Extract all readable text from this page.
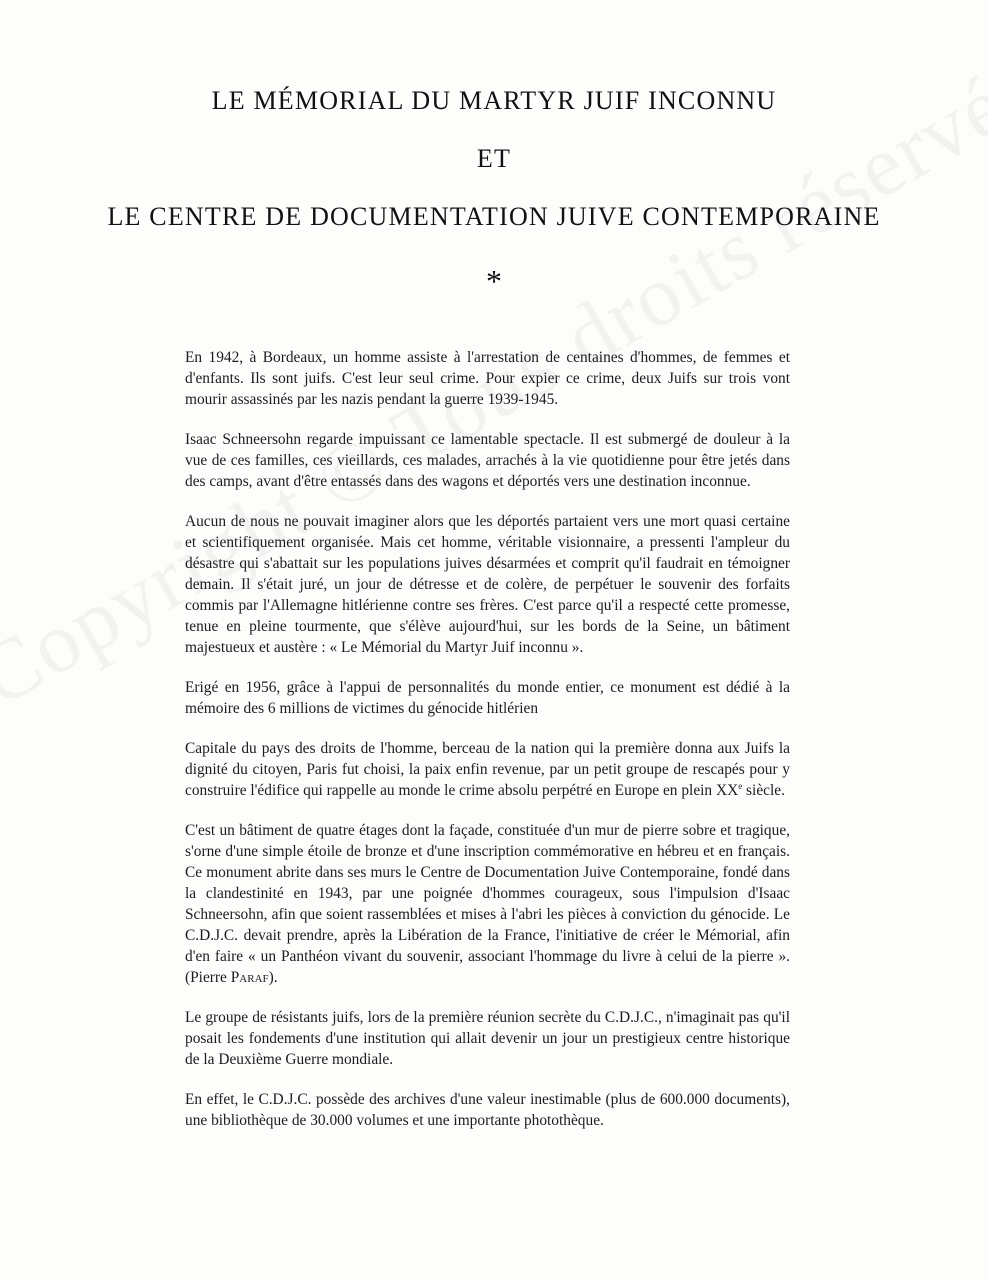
LE MÉMORIAL DU MARTYR JUIF INCONNU

ET

LE CENTRE DE DOCUMENTATION JUIVE CONTEMPORAINE

*

En 1942, à Bordeaux, un homme assiste à l'arrestation de centaines d'hommes, de femmes et d'enfants. Ils sont juifs. C'est leur seul crime. Pour expier ce crime, deux Juifs sur trois vont mourir assassinés par les nazis pendant la guerre 1939-1945.

Isaac Schneersohn regarde impuissant ce lamentable spectacle. Il est submergé de douleur à la vue de ces familles, ces vieillards, ces malades, arrachés à la vie quotidienne pour être jetés dans des camps, avant d'être entassés dans des wagons et déportés vers une destination inconnue.

Aucun de nous ne pouvait imaginer alors que les déportés partaient vers une mort quasi certaine et scientifiquement organisée. Mais cet homme, véritable visionnaire, a pressenti l'ampleur du désastre qui s'abattait sur les populations juives désarmées et comprit qu'il faudrait en témoigner demain. Il s'était juré, un jour de détresse et de colère, de perpétuer le souvenir des forfaits commis par l'Allemagne hitlérienne contre ses frères. C'est parce qu'il a respecté cette promesse, tenue en pleine tourmente, que s'élève aujourd'hui, sur les bords de la Seine, un bâtiment majestueux et austère : « Le Mémorial du Martyr Juif inconnu ».

Erigé en 1956, grâce à l'appui de personnalités du monde entier, ce monument est dédié à la mémoire des 6 millions de victimes du génocide hitlérien

Capitale du pays des droits de l'homme, berceau de la nation qui la première donna aux Juifs la dignité du citoyen, Paris fut choisi, la paix enfin revenue, par un petit groupe de rescapés pour y construire l'édifice qui rappelle au monde le crime absolu perpétré en Europe en plein XXe siècle.

C'est un bâtiment de quatre étages dont la façade, constituée d'un mur de pierre sobre et tragique, s'orne d'une simple étoile de bronze et d'une inscription commémorative en hébreu et en français. Ce monument abrite dans ses murs le Centre de Documentation Juive Contemporaine, fondé dans la clandestinité en 1943, par une poignée d'hommes courageux, sous l'impulsion d'Isaac Schneersohn, afin que soient rassemblées et mises à l'abri les pièces à conviction du génocide. Le C.D.J.C. devait prendre, après la Libération de la France, l'initiative de créer le Mémorial, afin d'en faire « un Panthéon vivant du souvenir, associant l'hommage du livre à celui de la pierre ». (Pierre Paraf).

Le groupe de résistants juifs, lors de la première réunion secrète du C.D.J.C., n'imaginait pas qu'il posait les fondements d'une institution qui allait devenir un jour un prestigieux centre historique de la Deuxième Guerre mondiale.

En effet, le C.D.J.C. possède des archives d'une valeur inestimable (plus de 600.000 documents), une bibliothèque de 30.000 volumes et une importante photothèque.
